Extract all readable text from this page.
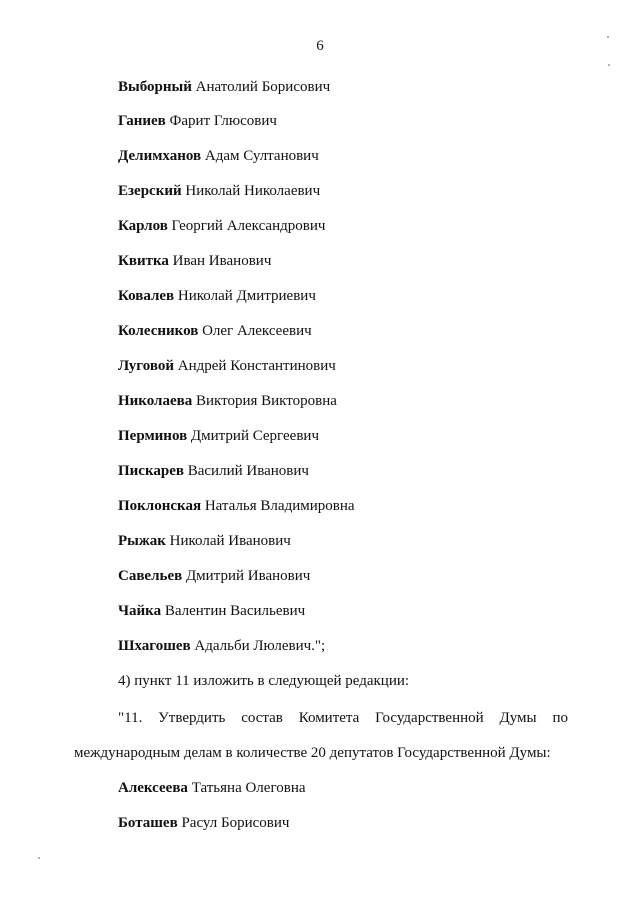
6
Выборный Анатолий Борисович
Ганиев Фарит Глюсович
Делимханов Адам Султанович
Езерский Николай Николаевич
Карлов Георгий Александрович
Квитка Иван Иванович
Ковалев Николай Дмитриевич
Колесников Олег Алексеевич
Луговой Андрей Константинович
Николаева Виктория Викторовна
Перминов Дмитрий Сергеевич
Пискарев Василий Иванович
Поклонская Наталья Владимировна
Рыжак Николай Иванович
Савельев Дмитрий Иванович
Чайка Валентин Васильевич
Шхагошев Адальби Люлевич.";
4) пункт 11 изложить в следующей редакции:
"11. Утвердить состав Комитета Государственной Думы по
международным делам в количестве 20 депутатов Государственной Думы:
Алексеева Татьяна Олеговна
Боташев Расул Борисович
